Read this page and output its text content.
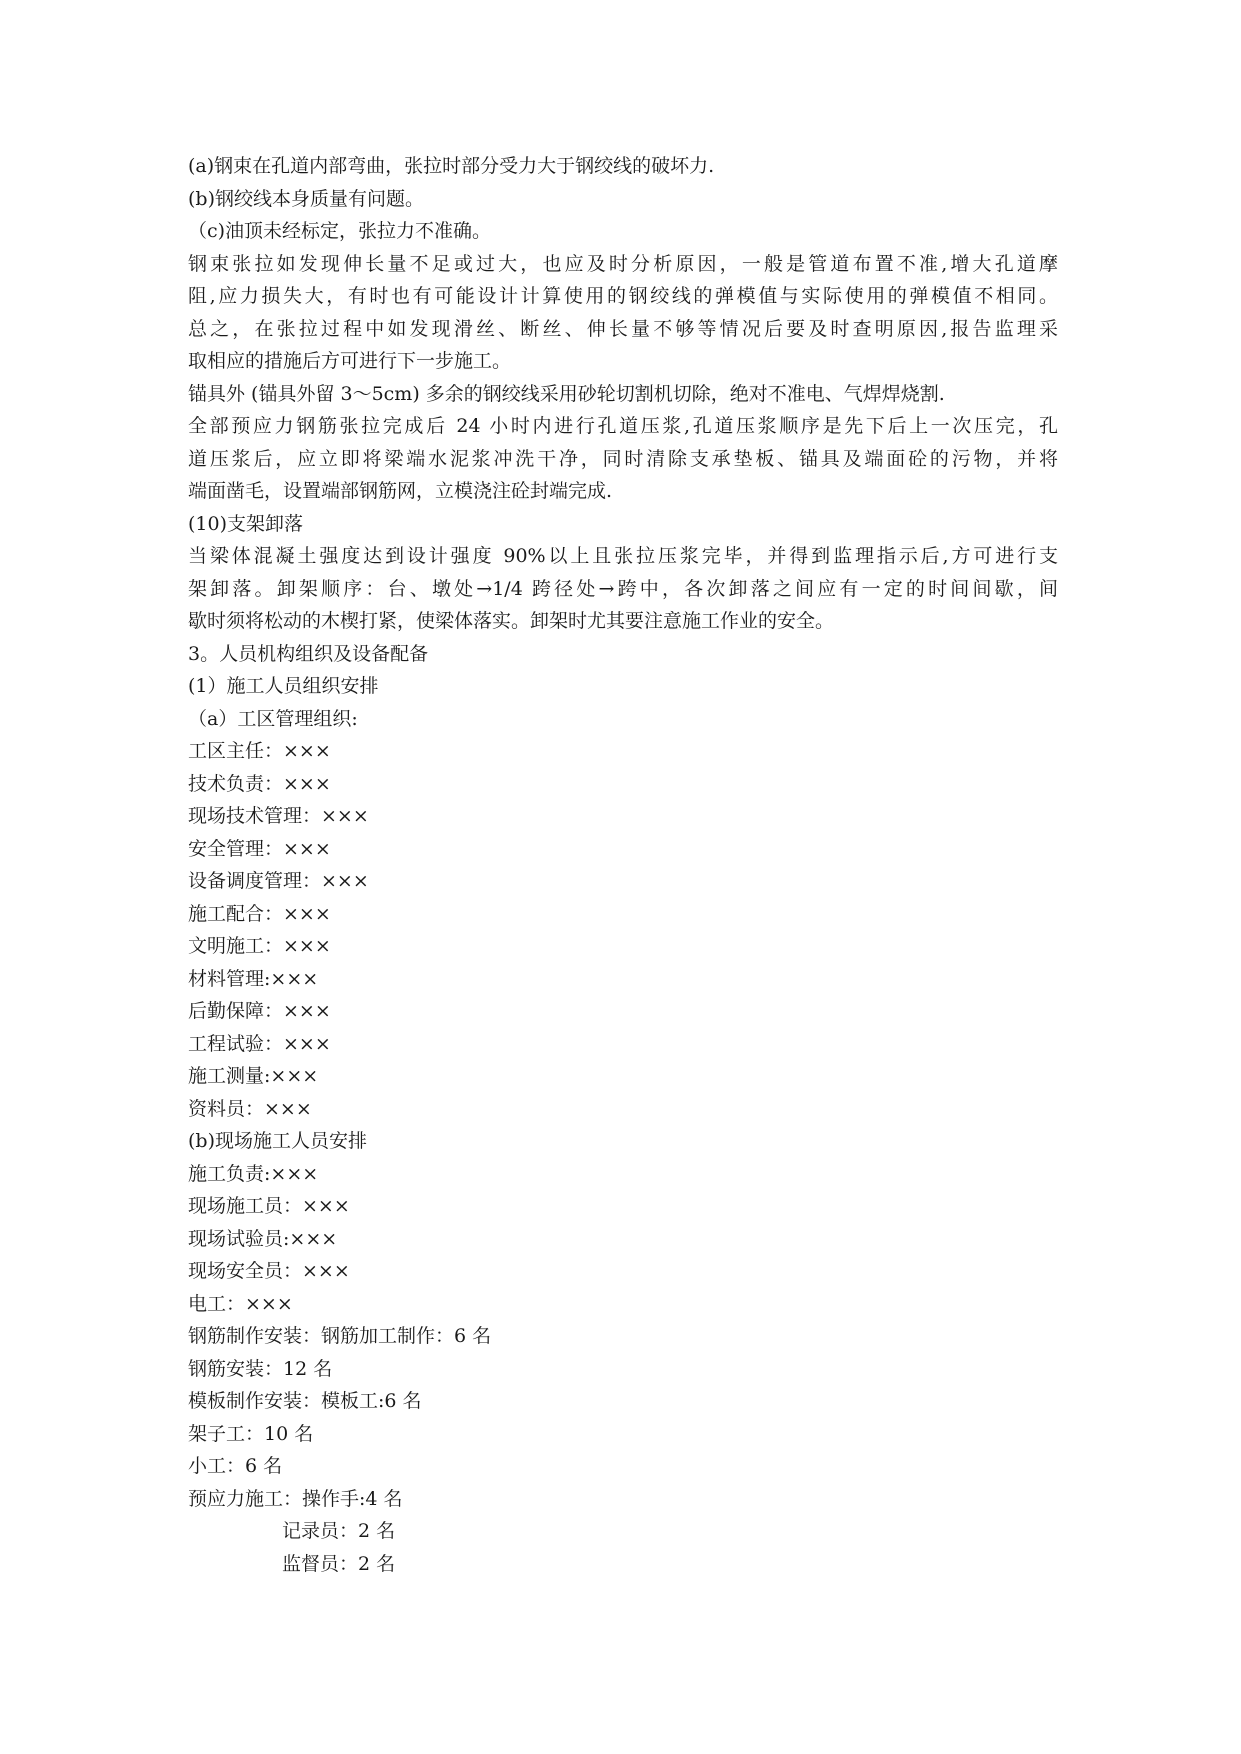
(a)钢束在孔道内部弯曲，张拉时部分受力大于钢绞线的破坏力.
(b)钢绞线本身质量有问题。
（c)油顶未经标定，张拉力不准确。
钢束张拉如发现伸长量不足或过大，也应及时分析原因，一般是管道布置不准,增大孔道摩
阻,应力损失大，有时也有可能设计计算使用的钢绞线的弹模值与实际使用的弹模值不相同。
总之，在张拉过程中如发现滑丝、断丝、伸长量不够等情况后要及时查明原因,报告监理采
取相应的措施后方可进行下一步施工。
锚具外 (锚具外留 3～5cm) 多余的钢绞线采用砂轮切割机切除，绝对不准电、气焊焊烧割.
全部预应力钢筋张拉完成后 24 小时内进行孔道压浆,孔道压浆顺序是先下后上一次压完，孔
道压浆后，应立即将梁端水泥浆冲洗干净，同时清除支承垫板、锚具及端面砼的污物，并将
端面凿毛，设置端部钢筋网，立模浇注砼封端完成.
(10)支架卸落
当梁体混凝土强度达到设计强度 90%以上且张拉压浆完毕，并得到监理指示后,方可进行支
架卸落。卸架顺序：台、墩处→1/4 跨径处→跨中，各次卸落之间应有一定的时间间歇，间
歇时须将松动的木楔打紧，使梁体落实。卸架时尤其要注意施工作业的安全。
3。人员机构组织及设备配备
(1）施工人员组织安排
（a）工区管理组织:
工区主任：×××
技术负责：×××
现场技术管理：×××
安全管理：×××
设备调度管理：×××
施工配合：×××
文明施工：×××
材料管理:×××
后勤保障：×××
工程试验：×××
施工测量:×××
资料员：×××
(b)现场施工人员安排
施工负责:×××
现场施工员：×××
现场试验员:×××
现场安全员：×××
电工：×××
钢筋制作安装：钢筋加工制作：6 名
钢筋安装：12 名
模板制作安装：模板工:6 名
架子工：10 名
小工：6 名
预应力施工：操作手:4 名
记录员：2 名
监督员：2 名
